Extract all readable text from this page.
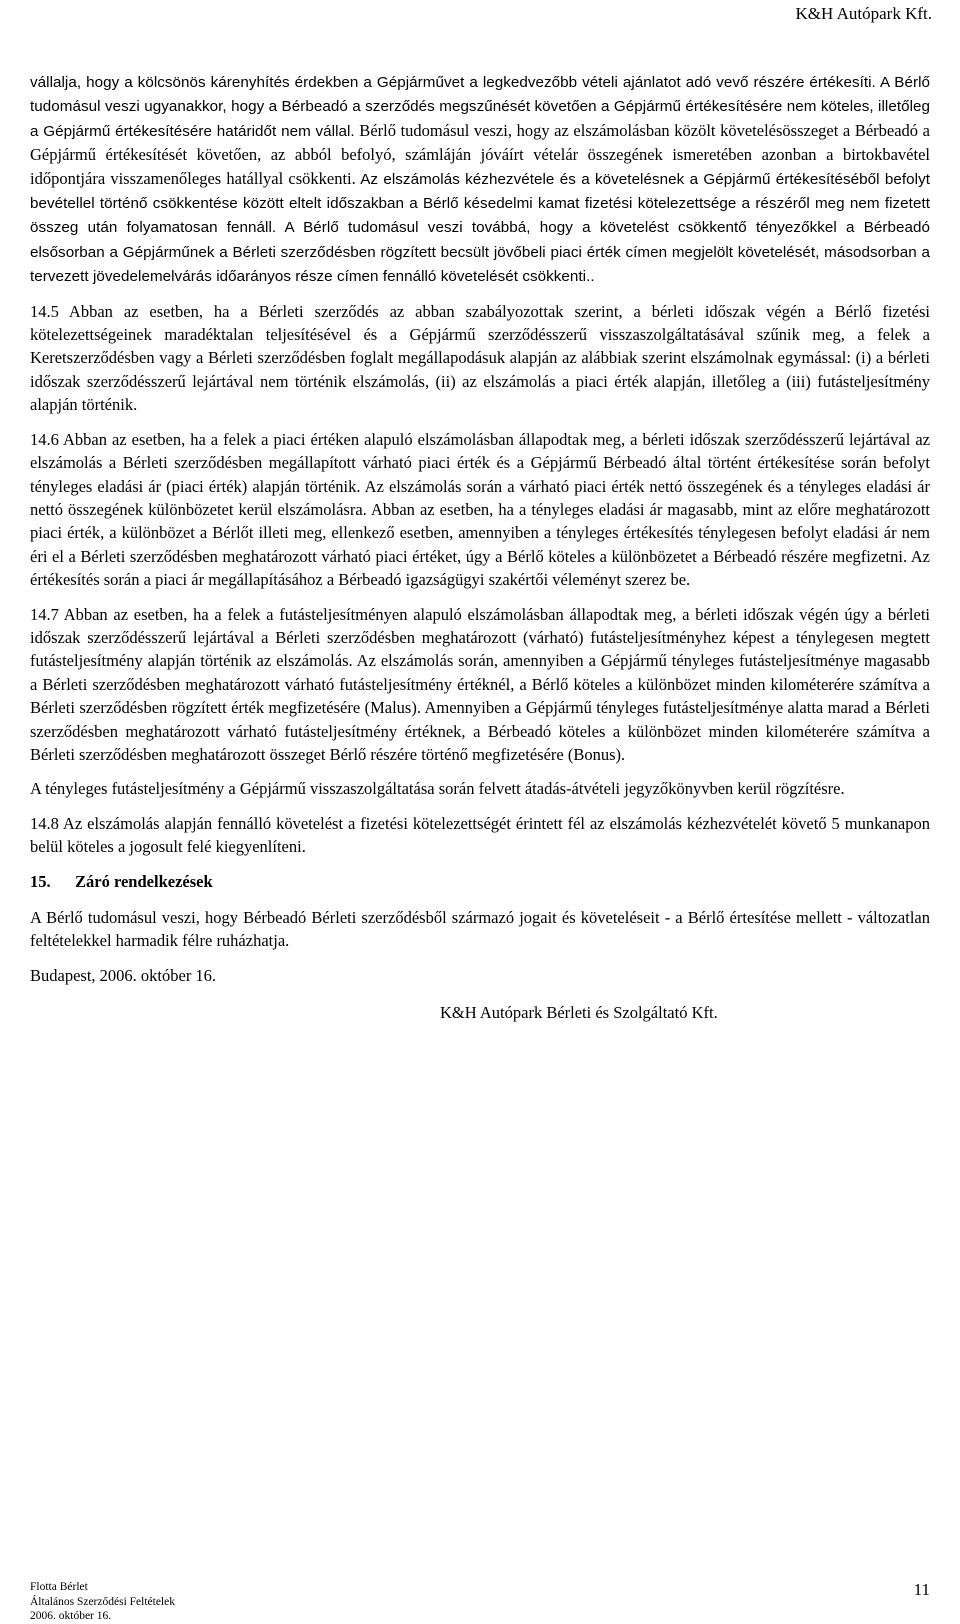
K&H Autópark Kft.

vállalja, hogy a kölcsönös kárenyhítés érdekben a Gépjárművet a legkedvezőbb vételi ajánlatot adó vevő részére értékesíti. A Bérlő tudomásul veszi ugyanakkor, hogy a Bérbeadó a szerződés megszűnését követően a Gépjármű értékesítésére nem köteles, illetőleg a Gépjármű értékesítésére határidőt nem vállal. Bérlő tudomásul veszi, hogy az elszámolásban közölt követelésösszeget a Bérbeadó a Gépjármű értékesítését követően, az abból befolyó, számláján jóváírt vételár összegének ismeretében azonban a birtokbavétel időpontjára visszamenőleges hatállyal csökkenti. Az elszámolás kézhezvétele és a követelésnek a Gépjármű értékesítéséből befolyt bevétellel történő csökkentése között eltelt időszakban a Bérlő késedelmi kamat fizetési kötelezettsége a részéről meg nem fizetett összeg után folyamatosan fennáll. A Bérlő tudomásul veszi továbbá, hogy a követelést csökkentő tényezőkkel a Bérbeadó elsősorban a Gépjárműnek a Bérleti szerződésben rögzített becsült jövőbeli piaci érték címen megjelölt követelését, másodsorban a tervezett jövedelemelvárás időarányos része címen fennálló követelését csökkenti..

14.5 Abban az esetben, ha a Bérleti szerződés az abban szabályozottak szerint, a bérleti időszak végén a Bérlő fizetési kötelezettségeinek maradéktalan teljesítésével és a Gépjármű szerződésszerű visszaszolgáltatásával szűnik meg, a felek a Keretszerződésben vagy a Bérleti szerződésben foglalt megállapodásuk alapján az alábbiak szerint elszámolnak egymással: (i) a bérleti időszak szerződésszerű lejártával nem történik elszámolás, (ii) az elszámolás a piaci érték alapján, illetőleg a (iii) futásteljesítmény alapján történik.

14.6 Abban az esetben, ha a felek a piaci értéken alapuló elszámolásban állapodtak meg, a bérleti időszak szerződésszerű lejártával az elszámolás a Bérleti szerződésben megállapított várható piaci érték és a Gépjármű Bérbeadó által történt értékesítése során befolyt tényleges eladási ár (piaci érték) alapján történik. Az elszámolás során a várható piaci érték nettó összegének és a tényleges eladási ár nettó összegének különbözetet kerül elszámolásra. Abban az esetben, ha a tényleges eladási ár magasabb, mint az előre meghatározott piaci érték, a különbözet a Bérlőt illeti meg, ellenkező esetben, amennyiben a tényleges értékesítés ténylegesen befolyt eladási ár nem éri el a Bérleti szerződésben meghatározott várható piaci értéket, úgy a Bérlő köteles a különbözetet a Bérbeadó részére megfizetni. Az értékesítés során a piaci ár megállapításához a Bérbeadó igazságügyi szakértői véleményt szerez be.

14.7 Abban az esetben, ha a felek a futásteljesítményen alapuló elszámolásban állapodtak meg, a bérleti időszak végén úgy a bérleti időszak szerződésszerű lejártával a Bérleti szerződésben meghatározott (várható) futásteljesítményhez képest a ténylegesen megtett futásteljesítmény alapján történik az elszámolás. Az elszámolás során, amennyiben a Gépjármű tényleges futásteljesítménye magasabb a Bérleti szerződésben meghatározott várható futásteljesítmény értéknél, a Bérlő köteles a különbözet minden kilométerére számítva a Bérleti szerződésben rögzített érték megfizetésére (Malus). Amennyiben a Gépjármű tényleges futásteljesítménye alatta marad a Bérleti szerződésben meghatározott várható futásteljesítmény értéknek, a Bérbeadó köteles a különbözet minden kilométerére számítva a Bérleti szerződésben meghatározott összeget Bérlő részére történő megfizetésére (Bonus).

A tényleges futásteljesítmény a Gépjármű visszaszolgáltatása során felvett átadás-átvételi jegyzőkönyvben kerül rögzítésre.

14.8 Az elszámolás alapján fennálló követelést a fizetési kötelezettségét érintett fél az elszámolás kézhezvételét követő 5 munkanapon belül köteles a jogosult felé kiegyenlíteni.

15.	Záró rendelkezések

A Bérlő tudomásul veszi, hogy Bérbeadó Bérleti szerződésből származó jogait és követeléseit - a Bérlő értesítése mellett - változatlan feltételekkel harmadik félre ruházhatja.

Budapest, 2006. október 16.

K&H Autópark Bérleti és Szolgáltató Kft.
Flotta Bérlet
Általános Szerződési Feltételek
2006. október 16.
11
